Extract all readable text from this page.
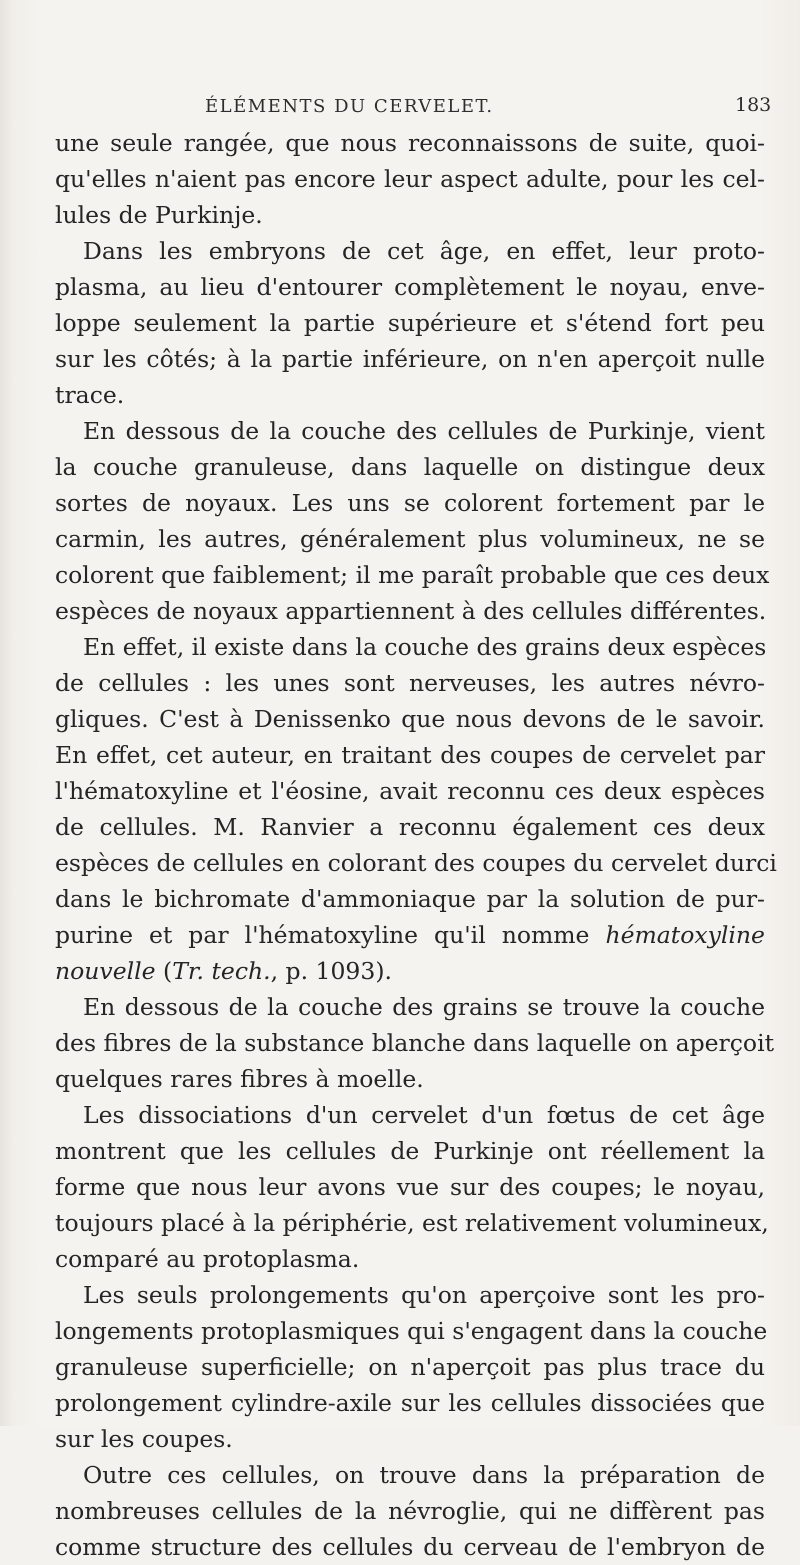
ÉLÉMENTS DU CERVELET.	183
une seule rangée, que nous reconnaissons de suite, quoi-
qu'elles n'aient pas encore leur aspect adulte, pour les cel-
lules de Purkinje.
Dans les embryons de cet âge, en effet, leur proto-
plasma, au lieu d'entourer complètement le noyau, enve-
loppe seulement la partie supérieure et s'étend fort peu
sur les côtés; à la partie inférieure, on n'en aperçoit nulle
trace.
En dessous de la couche des cellules de Purkinje, vient
la couche granuleuse, dans laquelle on distingue deux
sortes de noyaux. Les uns se colorent fortement par le
carmin, les autres, généralement plus volumineux, ne se
colorent que faiblement; il me paraît probable que ces deux
espèces de noyaux appartiennent à des cellules différentes.
En effet, il existe dans la couche des grains deux espèces
de cellules : les unes sont nerveuses, les autres névro-
gliques. C'est à Denissenko que nous devons de le savoir.
En effet, cet auteur, en traitant des coupes de cervelet par
l'hématoxyline et l'éosine, avait reconnu ces deux espèces
de cellules. M. Ranvier a reconnu également ces deux
espèces de cellules en colorant des coupes du cervelet durci
dans le bichromate d'ammoniaque par la solution de pur-
purine et par l'hématoxyline qu'il nomme hématoxyline
nouvelle (Tr. tech., p. 1093).
En dessous de la couche des grains se trouve la couche
des fibres de la substance blanche dans laquelle on aperçoit
quelques rares fibres à moelle.
Les dissociations d'un cervelet d'un fœtus de cet âge
montrent que les cellules de Purkinje ont réellement la
forme que nous leur avons vue sur des coupes; le noyau,
toujours placé à la périphérie, est relativement volumineux,
comparé au protoplasma.
Les seuls prolongements qu'on aperçoive sont les pro-
longements protoplasmiques qui s'engagent dans la couche
granuleuse superficielle; on n'aperçoit pas plus trace du
prolongement cylindre-axile sur les cellules dissociées que
sur les coupes.
Outre ces cellules, on trouve dans la préparation de
nombreuses cellules de la névroglie, qui ne diffèrent pas
comme structure des cellules du cerveau de l'embryon de
